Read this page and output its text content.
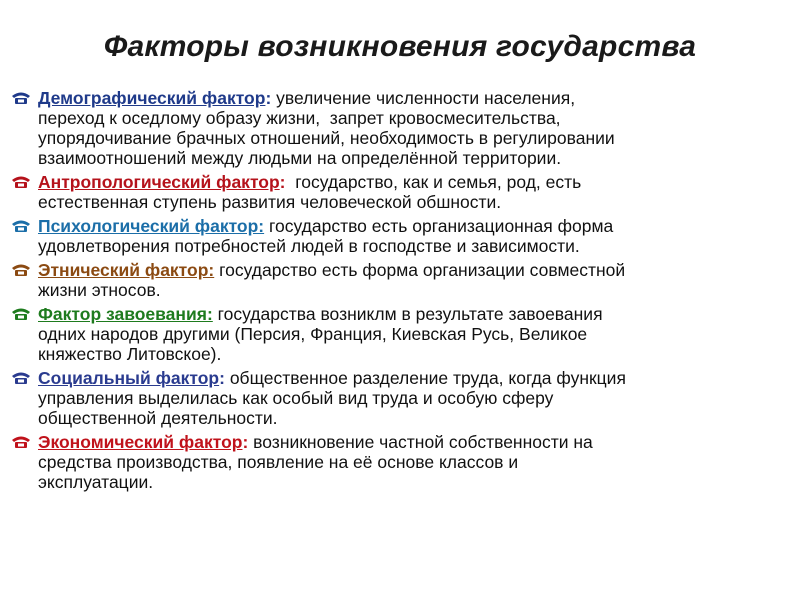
Факторы возникновения государства
Демографический фактор: увеличение численности населения,
переход к оседлому образу жизни,  запрет кровосмесительства,
упорядочивание брачных отношений, необходимость в регулировании
взаимоотношений между людьми на определённой территории.
Антропологический фактор:  государство, как и семья, род, есть
естественная ступень развития человеческой обшности.
Психологический фактор: государство есть организационная форма
удовлетворения потребностей людей в господстве и зависимости.
Этнический фактор: государство есть форма организации совместной
жизни этносов.
Фактор завоевания: государства возниклм в результате завоевания
одних народов другими (Персия, Франция, Киевская Русь, Великое
княжество Литовское).
Социальный фактор: общественное разделение труда, когда функция
управления выделилась как особый вид труда и особую сферу
общественной деятельности.
Экономический фактор: возникновение частной собственности на
средства производства, появление на её основе классов и
эксплуатации.
